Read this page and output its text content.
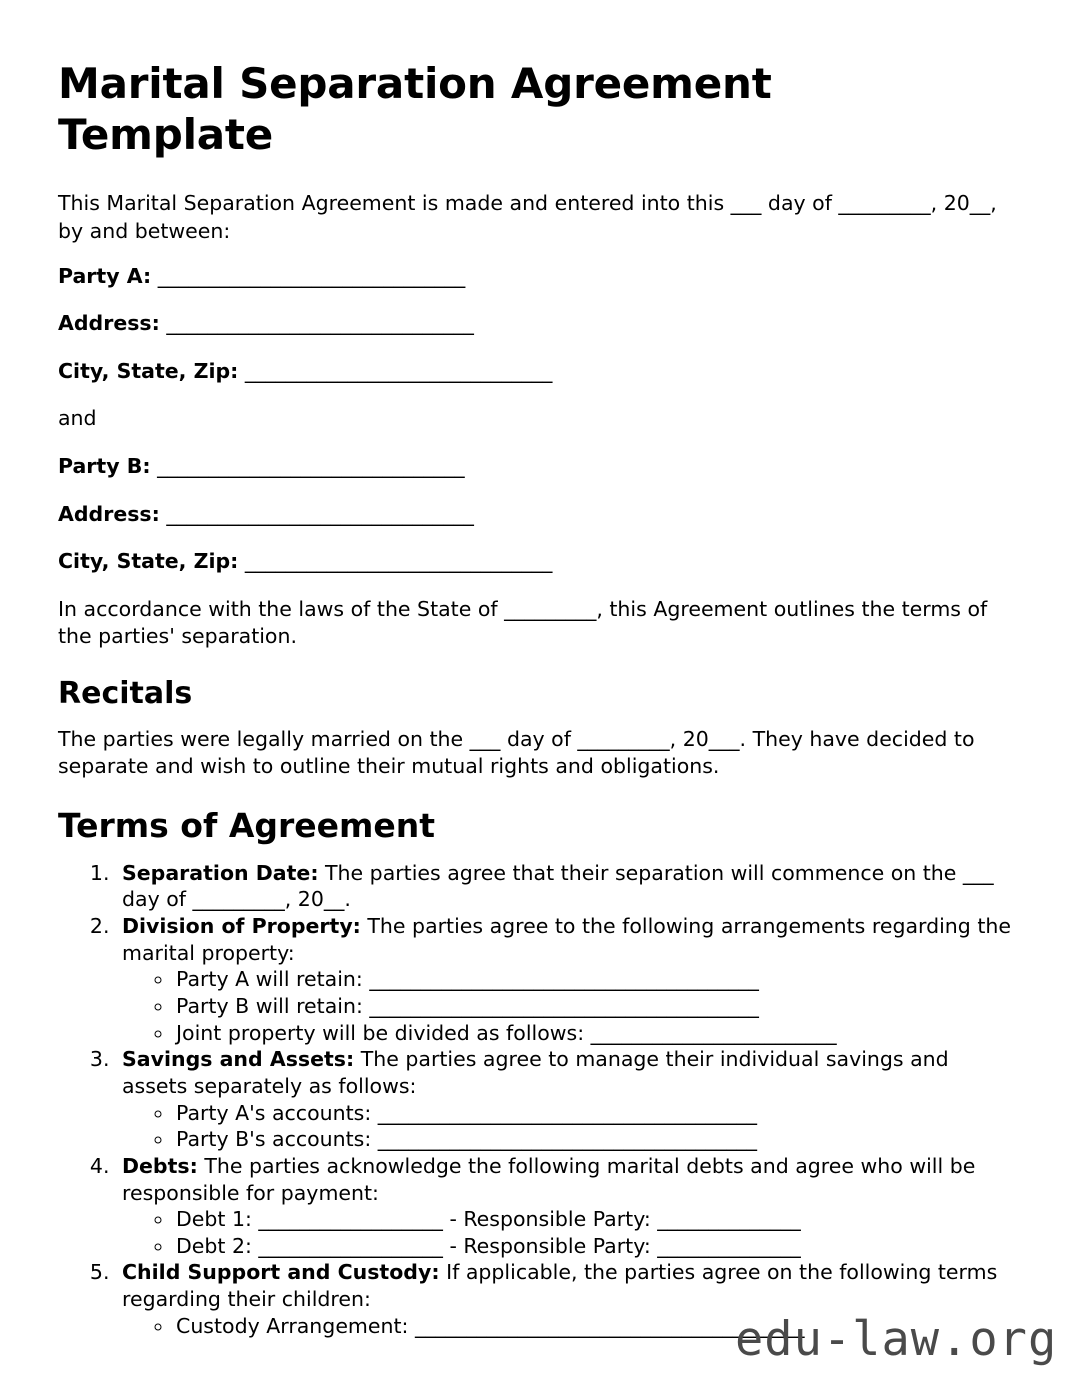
Marital Separation Agreement Template

This Marital Separation Agreement is made and entered into this ___ day of _________, 20__, by and between:

Party A: ______________________________
Address: ______________________________
City, State, Zip: ______________________________
and
Party B: ______________________________
Address: ______________________________
City, State, Zip: ______________________________

In accordance with the laws of the State of _________, this Agreement outlines the terms of the parties' separation.

Recitals

The parties were legally married on the ___ day of _________, 20___. They have decided to separate and wish to outline their mutual rights and obligations.

Terms of Agreement
1. Separation Date: The parties agree that their separation will commence on the ___ day of _________, 20__.
2. Division of Property: The parties agree to the following arrangements regarding the marital property:
◦ Party A will retain: ______________________________________
◦ Party B will retain: ______________________________________
◦ Joint property will be divided as follows: ________________________
3. Savings and Assets: The parties agree to manage their individual savings and assets separately as follows:
◦ Party A's accounts: _____________________________________
◦ Party B's accounts: _____________________________________
4. Debts: The parties acknowledge the following marital debts and agree who will be responsible for payment:
◦ Debt 1: __________________ - Responsible Party: ______________
◦ Debt 2: __________________ - Responsible Party: ______________
5. Child Support and Custody: If applicable, the parties agree on the following terms regarding their children:
◦ Custody Arrangement: ______________________________________
edu-law.org
